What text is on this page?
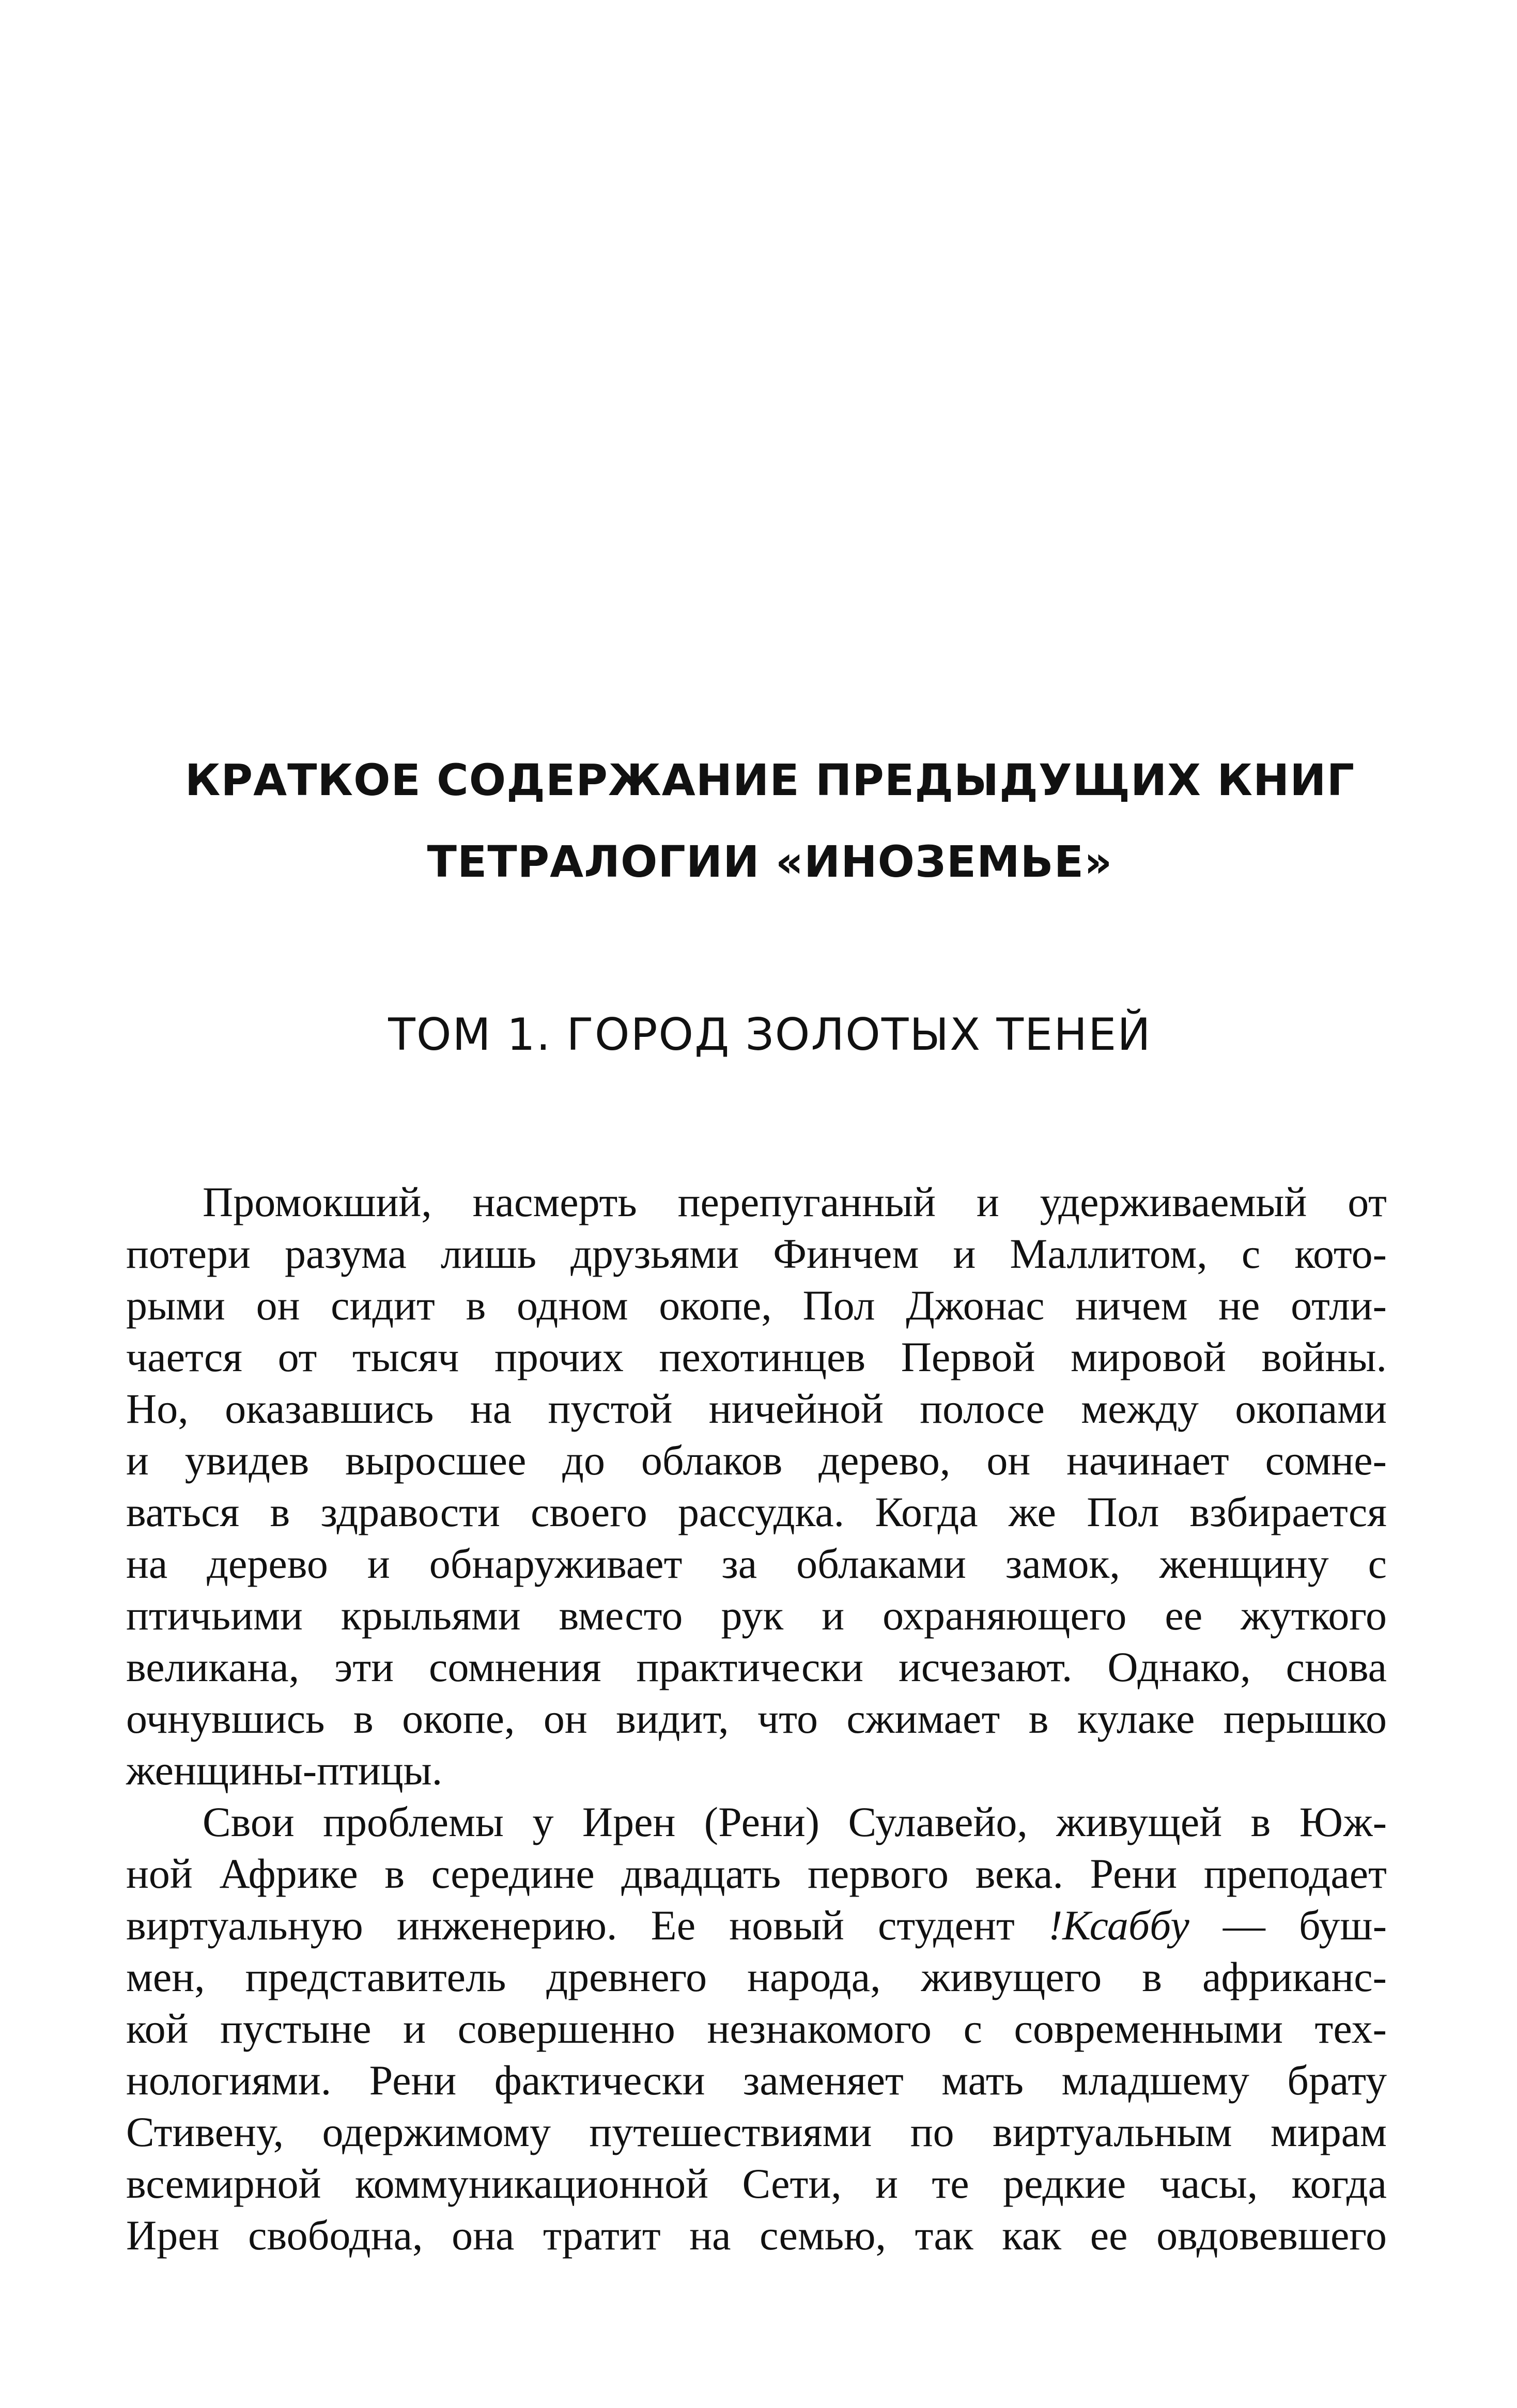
КРАТКОЕ СОДЕРЖАНИЕ ПРЕДЫДУЩИХ КНИГ
ТЕТРАЛОГИИ «ИНОЗЕМЬЕ»
ТОМ 1. ГОРОД ЗОЛОТЫХ ТЕНЕЙ
Промокший, насмерть перепуганный и удерживаемый от
потери разума лишь друзьями Финчем и Маллитом, с кото-
рыми он сидит в одном окопе, Пол Джонас ничем не отли-
чается от тысяч прочих пехотинцев Первой мировой войны.
Но, оказавшись на пустой ничейной полосе между окопами
и увидев выросшее до облаков дерево, он начинает сомне-
ваться в здравости своего рассудка. Когда же Пол взбирается
на дерево и обнаруживает за облаками замок, женщину с
птичьими крыльями вместо рук и охраняющего ее жуткого
великана, эти сомнения практически исчезают. Однако, снова
очнувшись в окопе, он видит, что сжимает в кулаке перышко
женщины-птицы.
Свои проблемы у Ирен (Рени) Сулавейо, живущей в Юж-
ной Африке в середине двадцать первого века. Рени преподает
виртуальную инженерию. Ее новый студент !Ксаббу — буш-
мен, представитель древнего народа, живущего в африканс-
кой пустыне и совершенно незнакомого с современными тех-
нологиями. Рени фактически заменяет мать младшему брату
Стивену, одержимому путешествиями по виртуальным мирам
всемирной коммуникационной Сети, и те редкие часы, когда
Ирен свободна, она тратит на семью, так как ее овдовевшего
